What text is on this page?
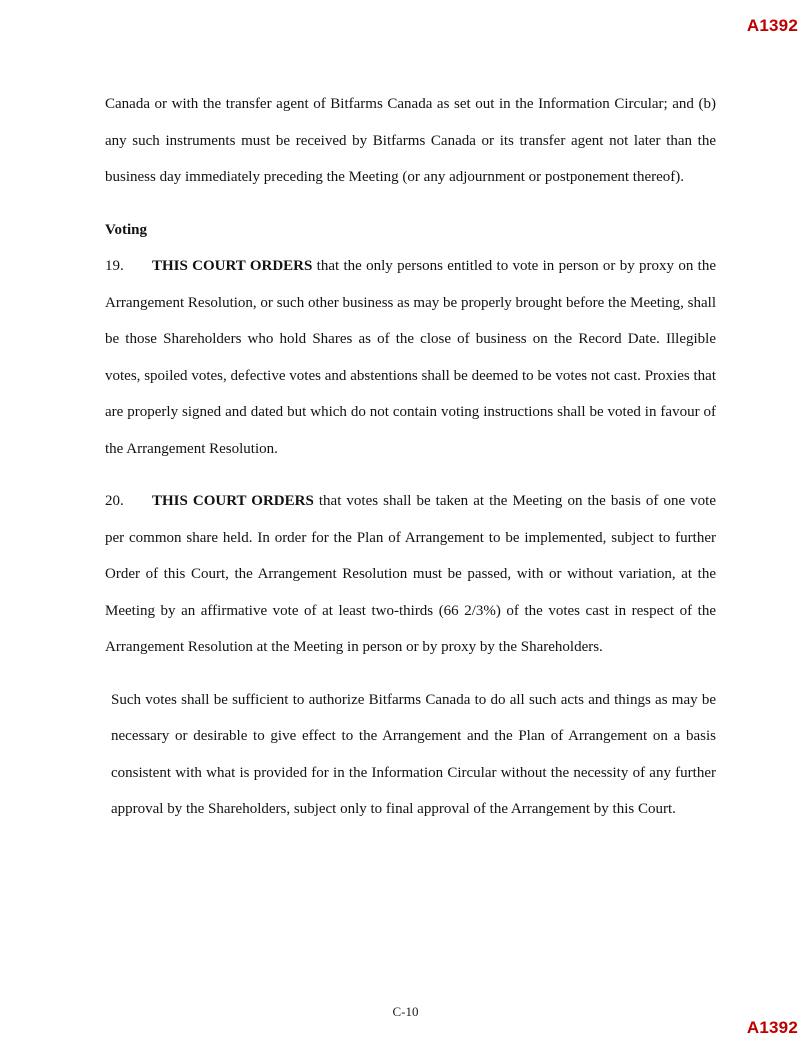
A1392

Canada or with the transfer agent of Bitfarms Canada as set out in the Information Circular; and (b) any such instruments must be received by Bitfarms Canada or its transfer agent not later than the business day immediately preceding the Meeting (or any adjournment or postponement thereof).

Voting

19. THIS COURT ORDERS that the only persons entitled to vote in person or by proxy on the Arrangement Resolution, or such other business as may be properly brought before the Meeting, shall be those Shareholders who hold Shares as of the close of business on the Record Date. Illegible votes, spoiled votes, defective votes and abstentions shall be deemed to be votes not cast. Proxies that are properly signed and dated but which do not contain voting instructions shall be voted in favour of the Arrangement Resolution.

20. THIS COURT ORDERS that votes shall be taken at the Meeting on the basis of one vote per common share held. In order for the Plan of Arrangement to be implemented, subject to further Order of this Court, the Arrangement Resolution must be passed, with or without variation, at the Meeting by an affirmative vote of at least two-thirds (66 2/3%) of the votes cast in respect of the Arrangement Resolution at the Meeting in person or by proxy by the Shareholders.

Such votes shall be sufficient to authorize Bitfarms Canada to do all such acts and things as may be necessary or desirable to give effect to the Arrangement and the Plan of Arrangement on a basis consistent with what is provided for in the Information Circular without the necessity of any further approval by the Shareholders, subject only to final approval of the Arrangement by this Court.

C-10
A1392
